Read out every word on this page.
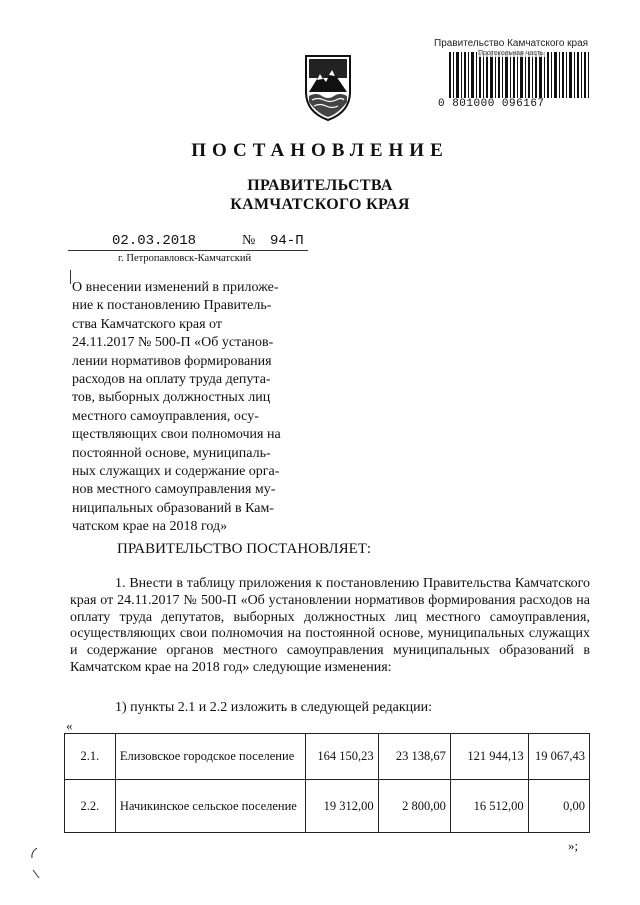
Правительство Камчатского края
Протокольная часть
0 801000 096167
ПОСТАНОВЛЕНИЕ
ПРАВИТЕЛЬСТВА
КАМЧАТСКОГО КРАЯ
02.03.2018	№ 94-П
г. Петропавловск-Камчатский

О внесении изменений в приложе-

ние к постановлению Правитель-

ства Камчатского края от

24.11.2017 № 500-П «Об установ-

лении нормативов формирования

расходов на оплату труда депута-

тов, выборных должностных лиц

местного самоуправления, осу-

ществляющих свои полномочия на

постоянной основе, муниципаль-

ных служащих и содержание орга-

нов местного самоуправления му-

ниципальных образований в Кам-

чатском крае на 2018 год»

ПРАВИТЕЛЬСТВО ПОСТАНОВЛЯЕТ:

1. Внести в таблицу приложения к постановлению Правительства Камчатского края от 24.11.2017 № 500-П «Об установлении нормативов формирования расходов на оплату труда депутатов, выборных должностных лиц местного самоуправления, осуществляющих свои полномочия на постоянной основе, муниципальных служащих и содержание органов местного самоуправления муниципальных образований в Камчатском крае на 2018 год» следующие изменения:

1) пункты 2.1 и 2.2 изложить в следующей редакции:
«
2.1.	Елизовское городское поселение	164 150,23	23 138,67	121 944,13	19 067,43
2.2.	Начикинское сельское поселение	19 312,00	2 800,00	16 512,00	0,00
»;
